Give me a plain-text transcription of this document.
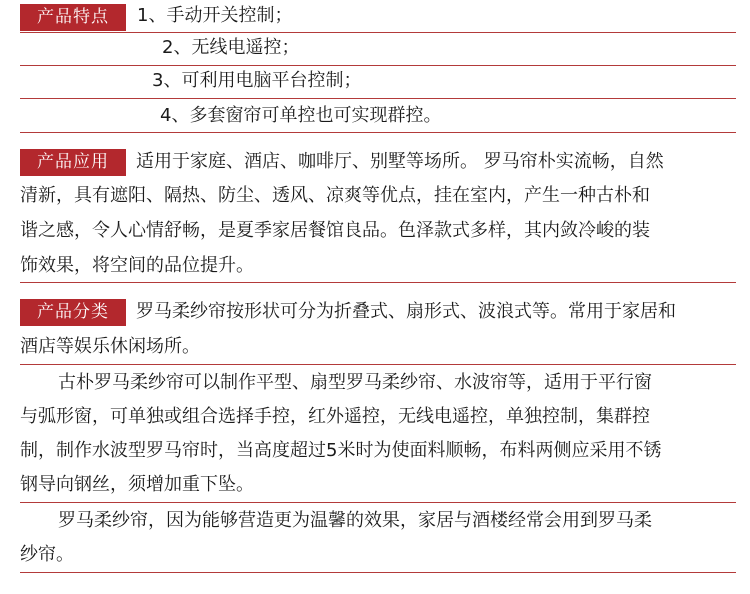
产品特点	1、手动开关控制；
2、无线电遥控；
3、可利用电脑平台控制；
4、多套窗帘可单控也可实现群控。
产品应用	适用于家庭、酒店、咖啡厅、别墅等场所。 罗马帘朴实流畅，自然
清新，具有遮阳、隔热、防尘、透风、凉爽等优点，挂在室内，产生一种古朴和
谐之感，令人心情舒畅，是夏季家居餐馆良品。色泽款式多样，其内敛冷峻的装
饰效果，将空间的品位提升。
产品分类	罗马柔纱帘按形状可分为折叠式、扇形式、波浪式等。常用于家居和
酒店等娱乐休闲场所。
古朴罗马柔纱帘可以制作平型、扇型罗马柔纱帘、水波帘等，适用于平行窗
与弧形窗，可单独或组合选择手控，红外遥控，无线电遥控，单独控制，集群控
制，制作水波型罗马帘时，当高度超过5米时为使面料顺畅，布料两侧应采用不锈
钢导向钢丝，须增加重下坠。
罗马柔纱帘，因为能够营造更为温馨的效果，家居与酒楼经常会用到罗马柔
纱帘。
